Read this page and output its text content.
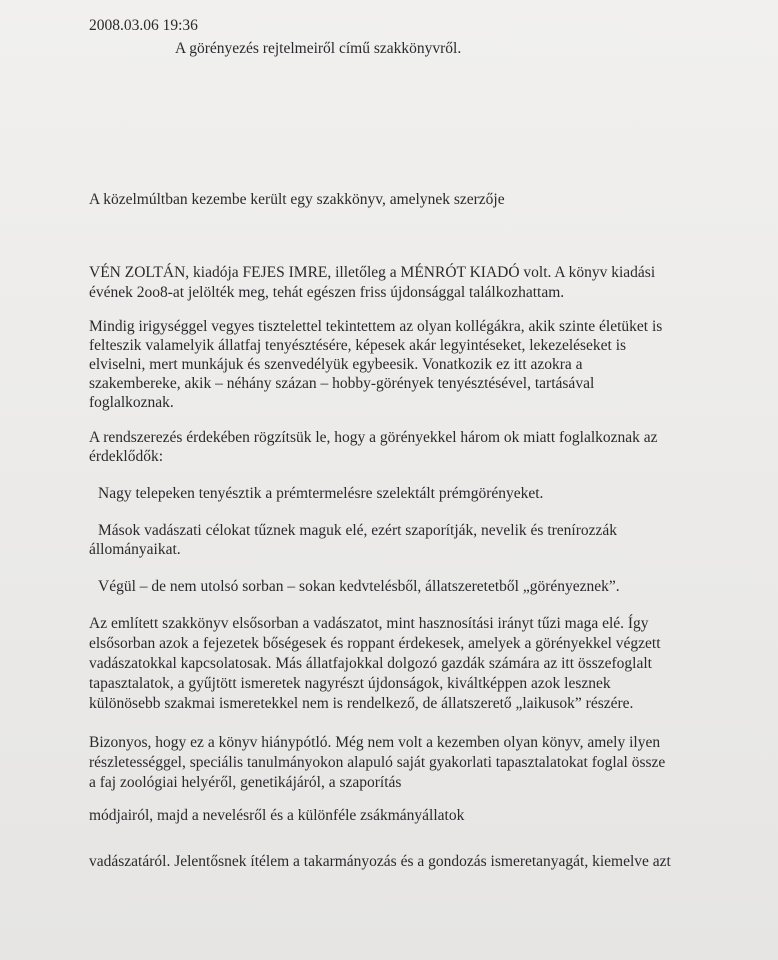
2008.03.06 19:36
A görényezés rejtelmeiről című szakkönyvről.
A közelmúltban kezembe került egy szakkönyv, amelynek szerzője
VÉN ZOLTÁN, kiadója FEJES IMRE, illetőleg a MÉNRÓT KIADÓ volt. A könyv kiadási
évének 2oo8-at jelölték meg, tehát egészen friss újdonsággal találkozhattam.
Mindig irigységgel vegyes tisztelettel tekintettem az olyan kollégákra, akik szinte életüket is
felteszik valamelyik állatfaj tenyésztésére, képesek akár legyintéseket, lekezeléseket is
elviselni, mert munkájuk és szenvedélyük egybeesik. Vonatkozik ez itt azokra a
szakembereke, akik – néhány százan – hobby-görények tenyésztésével, tartásával
foglalkoznak.
A rendszerezés érdekében rögzítsük le, hogy a görényekkel három ok miatt foglalkoznak az
érdeklődők:
Nagy telepeken tenyésztik a prémtermelésre szelektált prémgörényeket.
Mások vadászati célokat tűznek maguk elé, ezért szaporítják, nevelik és trenírozzák
állományaikat.
Végül – de nem utolsó sorban – sokan kedvtelésből, állatszeretetből „görényeznek”.
Az említett szakkönyv elsősorban a vadászatot, mint hasznosítási irányt tűzi maga elé. Így
elsősorban azok a fejezetek bőségesek és roppant érdekesek, amelyek a görényekkel végzett
vadászatokkal kapcsolatosak. Más állatfajokkal dolgozó gazdák számára az itt összefoglalt
tapasztalatok, a gyűjtött ismeretek nagyrészt újdonságok, kiváltképpen azok lesznek
különösebb szakmai ismeretekkel nem is rendelkező, de állatszerető „laikusok” részére.
Bizonyos, hogy ez a könyv hiánypótló. Még nem volt a kezemben olyan könyv, amely ilyen
részletességgel, speciális tanulmányokon alapuló saját gyakorlati tapasztalatokat foglal össze
a faj zoológiai helyéről, genetikájáról, a szaporítás
módjairól, majd a nevelésről és a különféle zsákmányállatok
vadászatáról. Jelentősnek ítélem a takarmányozás és a gondozás ismeretanyagát, kiemelve azt
